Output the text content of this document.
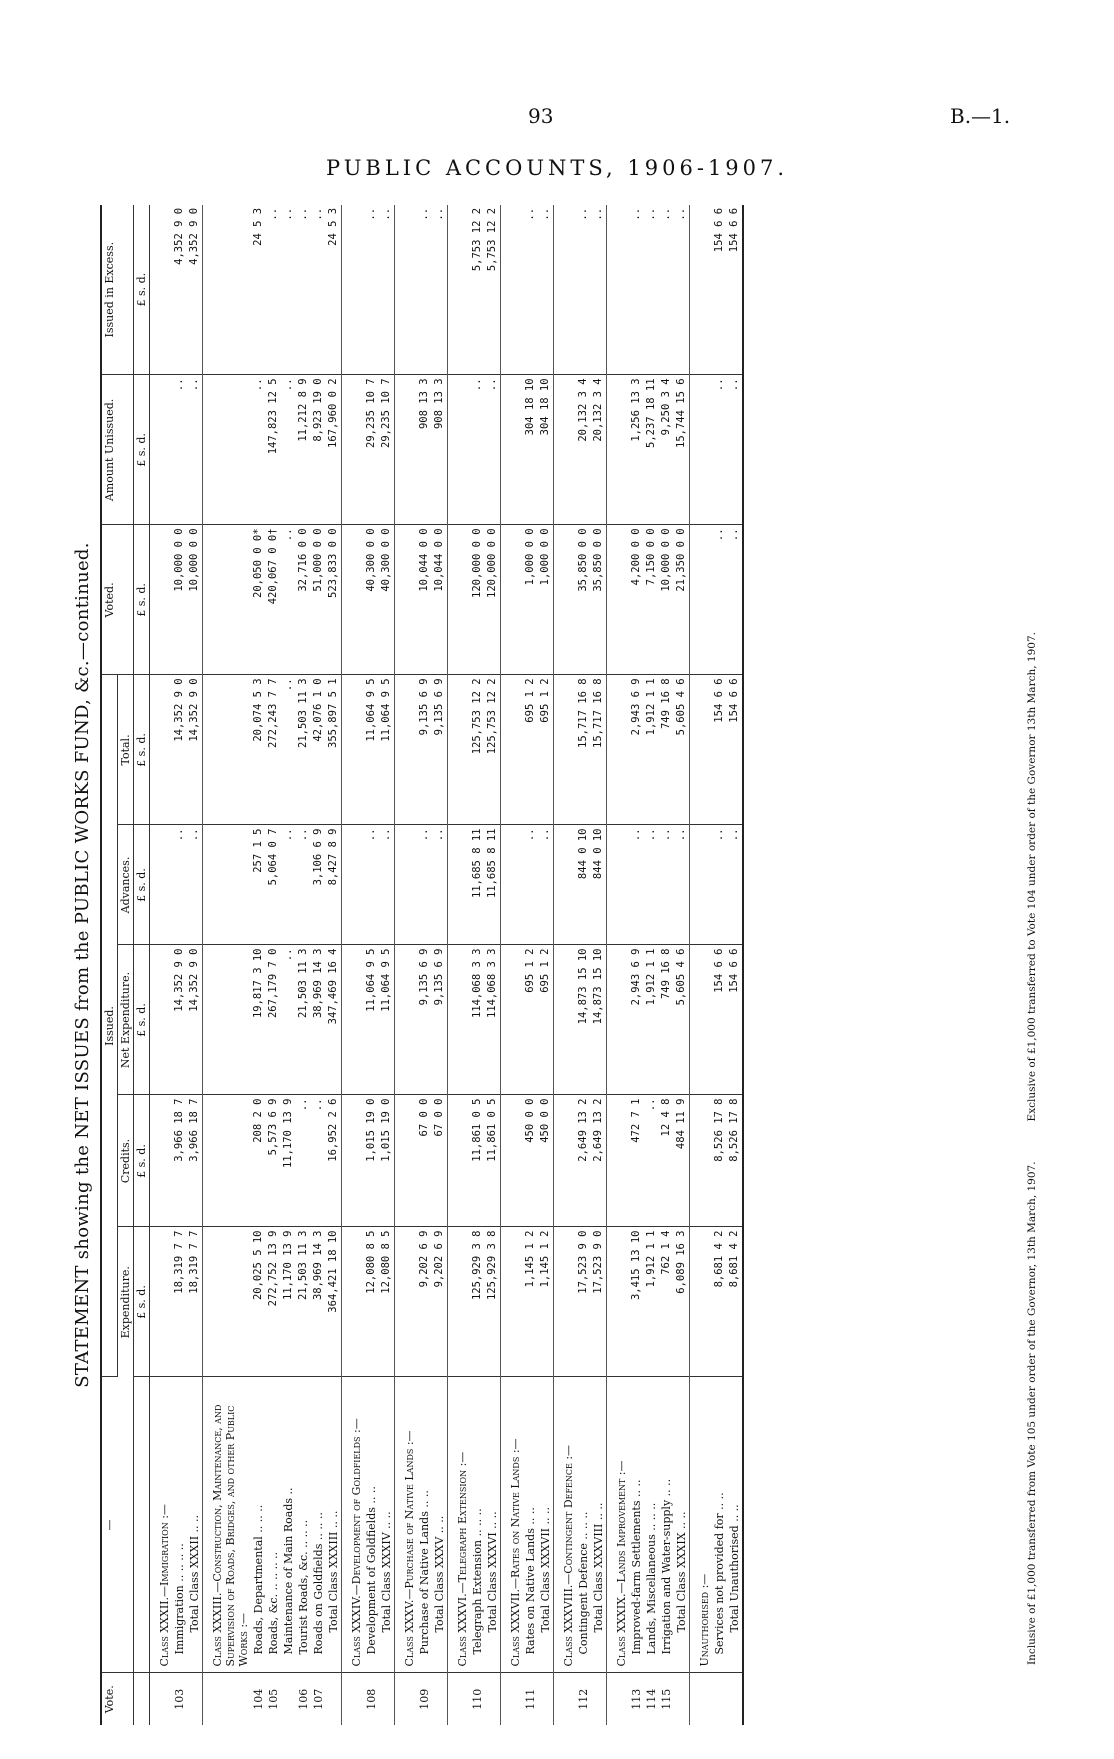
93	B.—1.
PUBLIC ACCOUNTS, 1906-1907.
STATEMENT showing the NET ISSUES from the PUBLIC WORKS FUND, &c.—continued.
Vote.	—	Issued.					Voted.	Amount Unissued.	Issued in Excess.
		Expenditure.	Credits.	Net Expenditure.	Advances.	Total.			
		£ s. d.	£ s. d.	£ s. d.	£ s. d.	£ s. d.	£ s. d.	£ s. d.	£ s. d.
	Class XXXII.—Immigration :—								
103	Immigration .. .. .. ..	18,319 7 7	3,966 18 7	14,352 9 0	..	14,352 9 0	10,000 0 0	..	4,352 9 0
	Total Class XXXII .. ..	18,319 7 7	3,966 18 7	14,352 9 0	..	14,352 9 0	10,000 0 0	..	4,352 9 0
	Class XXXIII.—Construction, Maintenance, and Supervision of Roads, Bridges, and other Public Works :—								
104	Roads, Departmental .. .. ..	20,025 5 10	208 2 0	19,817 3 10	257 1 5	20,074 5 3	20,050 0 0*	..	24 5 3
105	Roads, &c. .. .. .. ..	272,752 13 9	5,573 6 9	267,179 7 0	5,064 0 7	272,243 7 7	420,067 0 0†	147,823 12 5	..
	Maintenance of Main Roads ..	11,170 13 9	11,170 13 9	..	..	..	..	..	..
106	Tourist Roads, &c. .. .. ..	21,503 11 3	..	21,503 11 3	..	21,503 11 3	32,716 0 0	11,212 8 9	..
107	Roads on Goldfields .. .. ..	38,969 14 3	..	38,969 14 3	3,106 6 9	42,076 1 0	51,000 0 0	8,923 19 0	..
	Total Class XXXIII .. ..	364,421 18 10	16,952 2 6	347,469 16 4	8,427 8 9	355,897 5 1	523,833 0 0	167,960 0 2	24 5 3
	Class XXXIV.—Development of Goldfields :—								
108	Development of Goldfields .. ..	12,080 8 5	1,015 19 0	11,064 9 5	..	11,064 9 5	40,300 0 0	29,235 10 7	..
	Total Class XXXIV .. ..	12,080 8 5	1,015 19 0	11,064 9 5	..	11,064 9 5	40,300 0 0	29,235 10 7	..
	Class XXXV.—Purchase of Native Lands :—								
109	Purchase of Native Lands .. ..	9,202 6 9	67 0 0	9,135 6 9	..	9,135 6 9	10,044 0 0	908 13 3	..
	Total Class XXXV .. ..	9,202 6 9	67 0 0	9,135 6 9	..	9,135 6 9	10,044 0 0	908 13 3	..
	Class XXXVI.—Telegraph Extension :—								
110	Telegraph Extension .. .. ..	125,929 3 8	11,861 0 5	114,068 3 3	11,685 8 11	125,753 12 2	120,000 0 0	..	5,753 12 2
	Total Class XXXVI .. ..	125,929 3 8	11,861 0 5	114,068 3 3	11,685 8 11	125,753 12 2	120,000 0 0	..	5,753 12 2
	Class XXXVII.—Rates on Native Lands :—								
111	Rates on Native Lands .. ..	1,145 1 2	450 0 0	695 1 2	..	695 1 2	1,000 0 0	304 18 10	..
	Total Class XXXVII .. ..	1,145 1 2	450 0 0	695 1 2	..	695 1 2	1,000 0 0	304 18 10	..
	Class XXXVIII.—Contingent Defence :—								
112	Contingent Defence .. .. ..	17,523 9 0	2,649 13 2	14,873 15 10	844 0 10	15,717 16 8	35,850 0 0	20,132 3 4	..
	Total Class XXXVIII .. ..	17,523 9 0	2,649 13 2	14,873 15 10	844 0 10	15,717 16 8	35,850 0 0	20,132 3 4	..
	Class XXXIX.—Lands Improvement :—								
113	Improved-farm Settlements .. ..	3,415 13 10	472 7 1	2,943 6 9	..	2,943 6 9	4,200 0 0	1,256 13 3	..
114	Lands, Miscellaneous .. .. ..	1,912 1 1	..	1,912 1 1	..	1,912 1 1	7,150 0 0	5,237 18 11	..
115	Irrigation and Water-supply .. ..	762 1 4	12 4 8	749 16 8	..	749 16 8	10,000 0 0	9,250 3 4	..
	Total Class XXXIX .. ..	6,089 16 3	484 11 9	5,605 4 6	..	5,605 4 6	21,350 0 0	15,744 15 6	..
	Unauthorised :—								
	Services not provided for .. ..	8,681 4 2	8,526 17 8	154 6 6	..	154 6 6	..	..	154 6 6
	Total Unauthorised .. ..	8,681 4 2	8,526 17 8	154 6 6	..	154 6 6	..	..	154 6 6
Inclusive of £1,000 transferred from Vote 105 under order of the Governor, 13th March, 1907.
Exclusive of £1,000 transferred to Vote 104 under order of the Governor 13th March, 1907.
